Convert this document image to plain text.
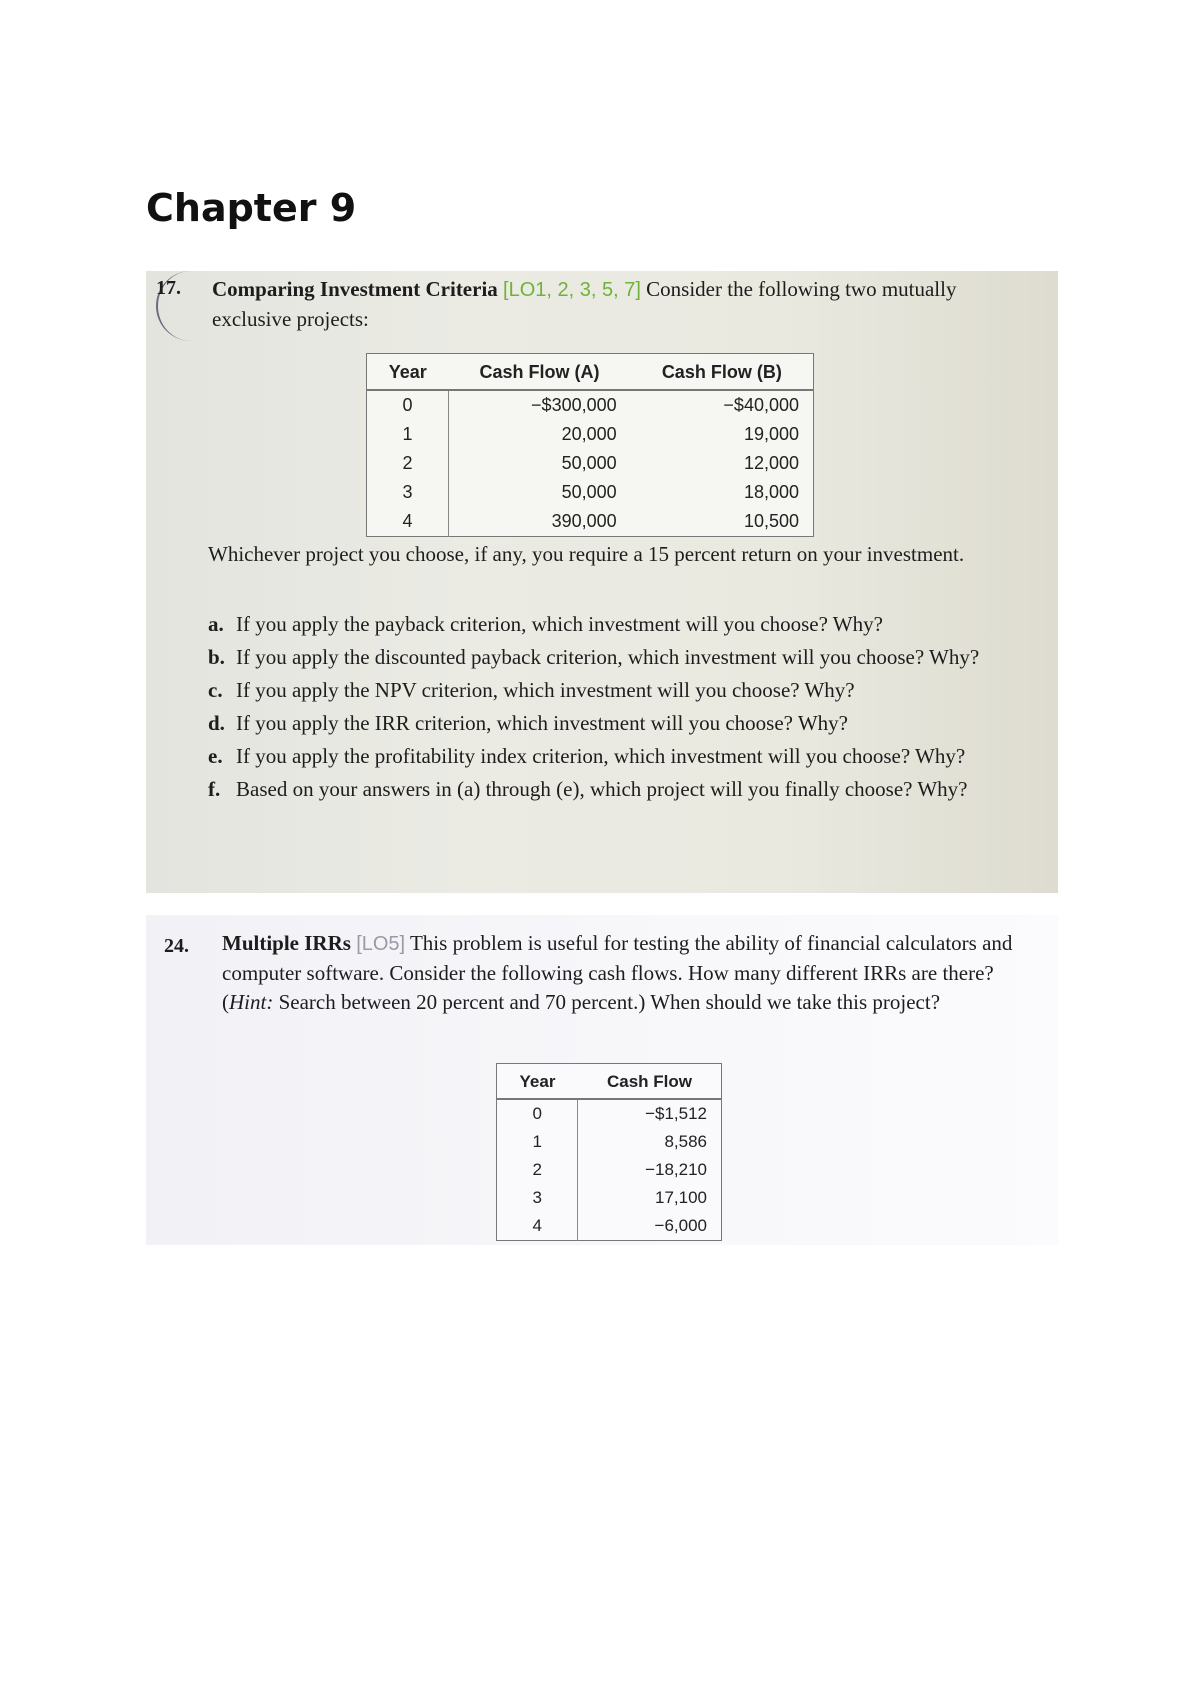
Chapter 9
17. Comparing Investment Criteria [LO1, 2, 3, 5, 7] Consider the following two mutually exclusive projects:
Year	Cash Flow (A)	Cash Flow (B)
0	−$300,000	−$40,000
1	20,000	19,000
2	50,000	12,000
3	50,000	18,000
4	390,000	10,500
Whichever project you choose, if any, you require a 15 percent return on your investment.
a. If you apply the payback criterion, which investment will you choose? Why?
b. If you apply the discounted payback criterion, which investment will you choose? Why?
c. If you apply the NPV criterion, which investment will you choose? Why?
d. If you apply the IRR criterion, which investment will you choose? Why?
e. If you apply the profitability index criterion, which investment will you choose? Why?
f. Based on your answers in (a) through (e), which project will you finally choose? Why?
24. Multiple IRRs [LO5] This problem is useful for testing the ability of financial calculators and computer software. Consider the following cash flows. How many different IRRs are there? (Hint: Search between 20 percent and 70 percent.) When should we take this project?
Year	Cash Flow
0	−$1,512
1	8,586
2	−18,210
3	17,100
4	−6,000
